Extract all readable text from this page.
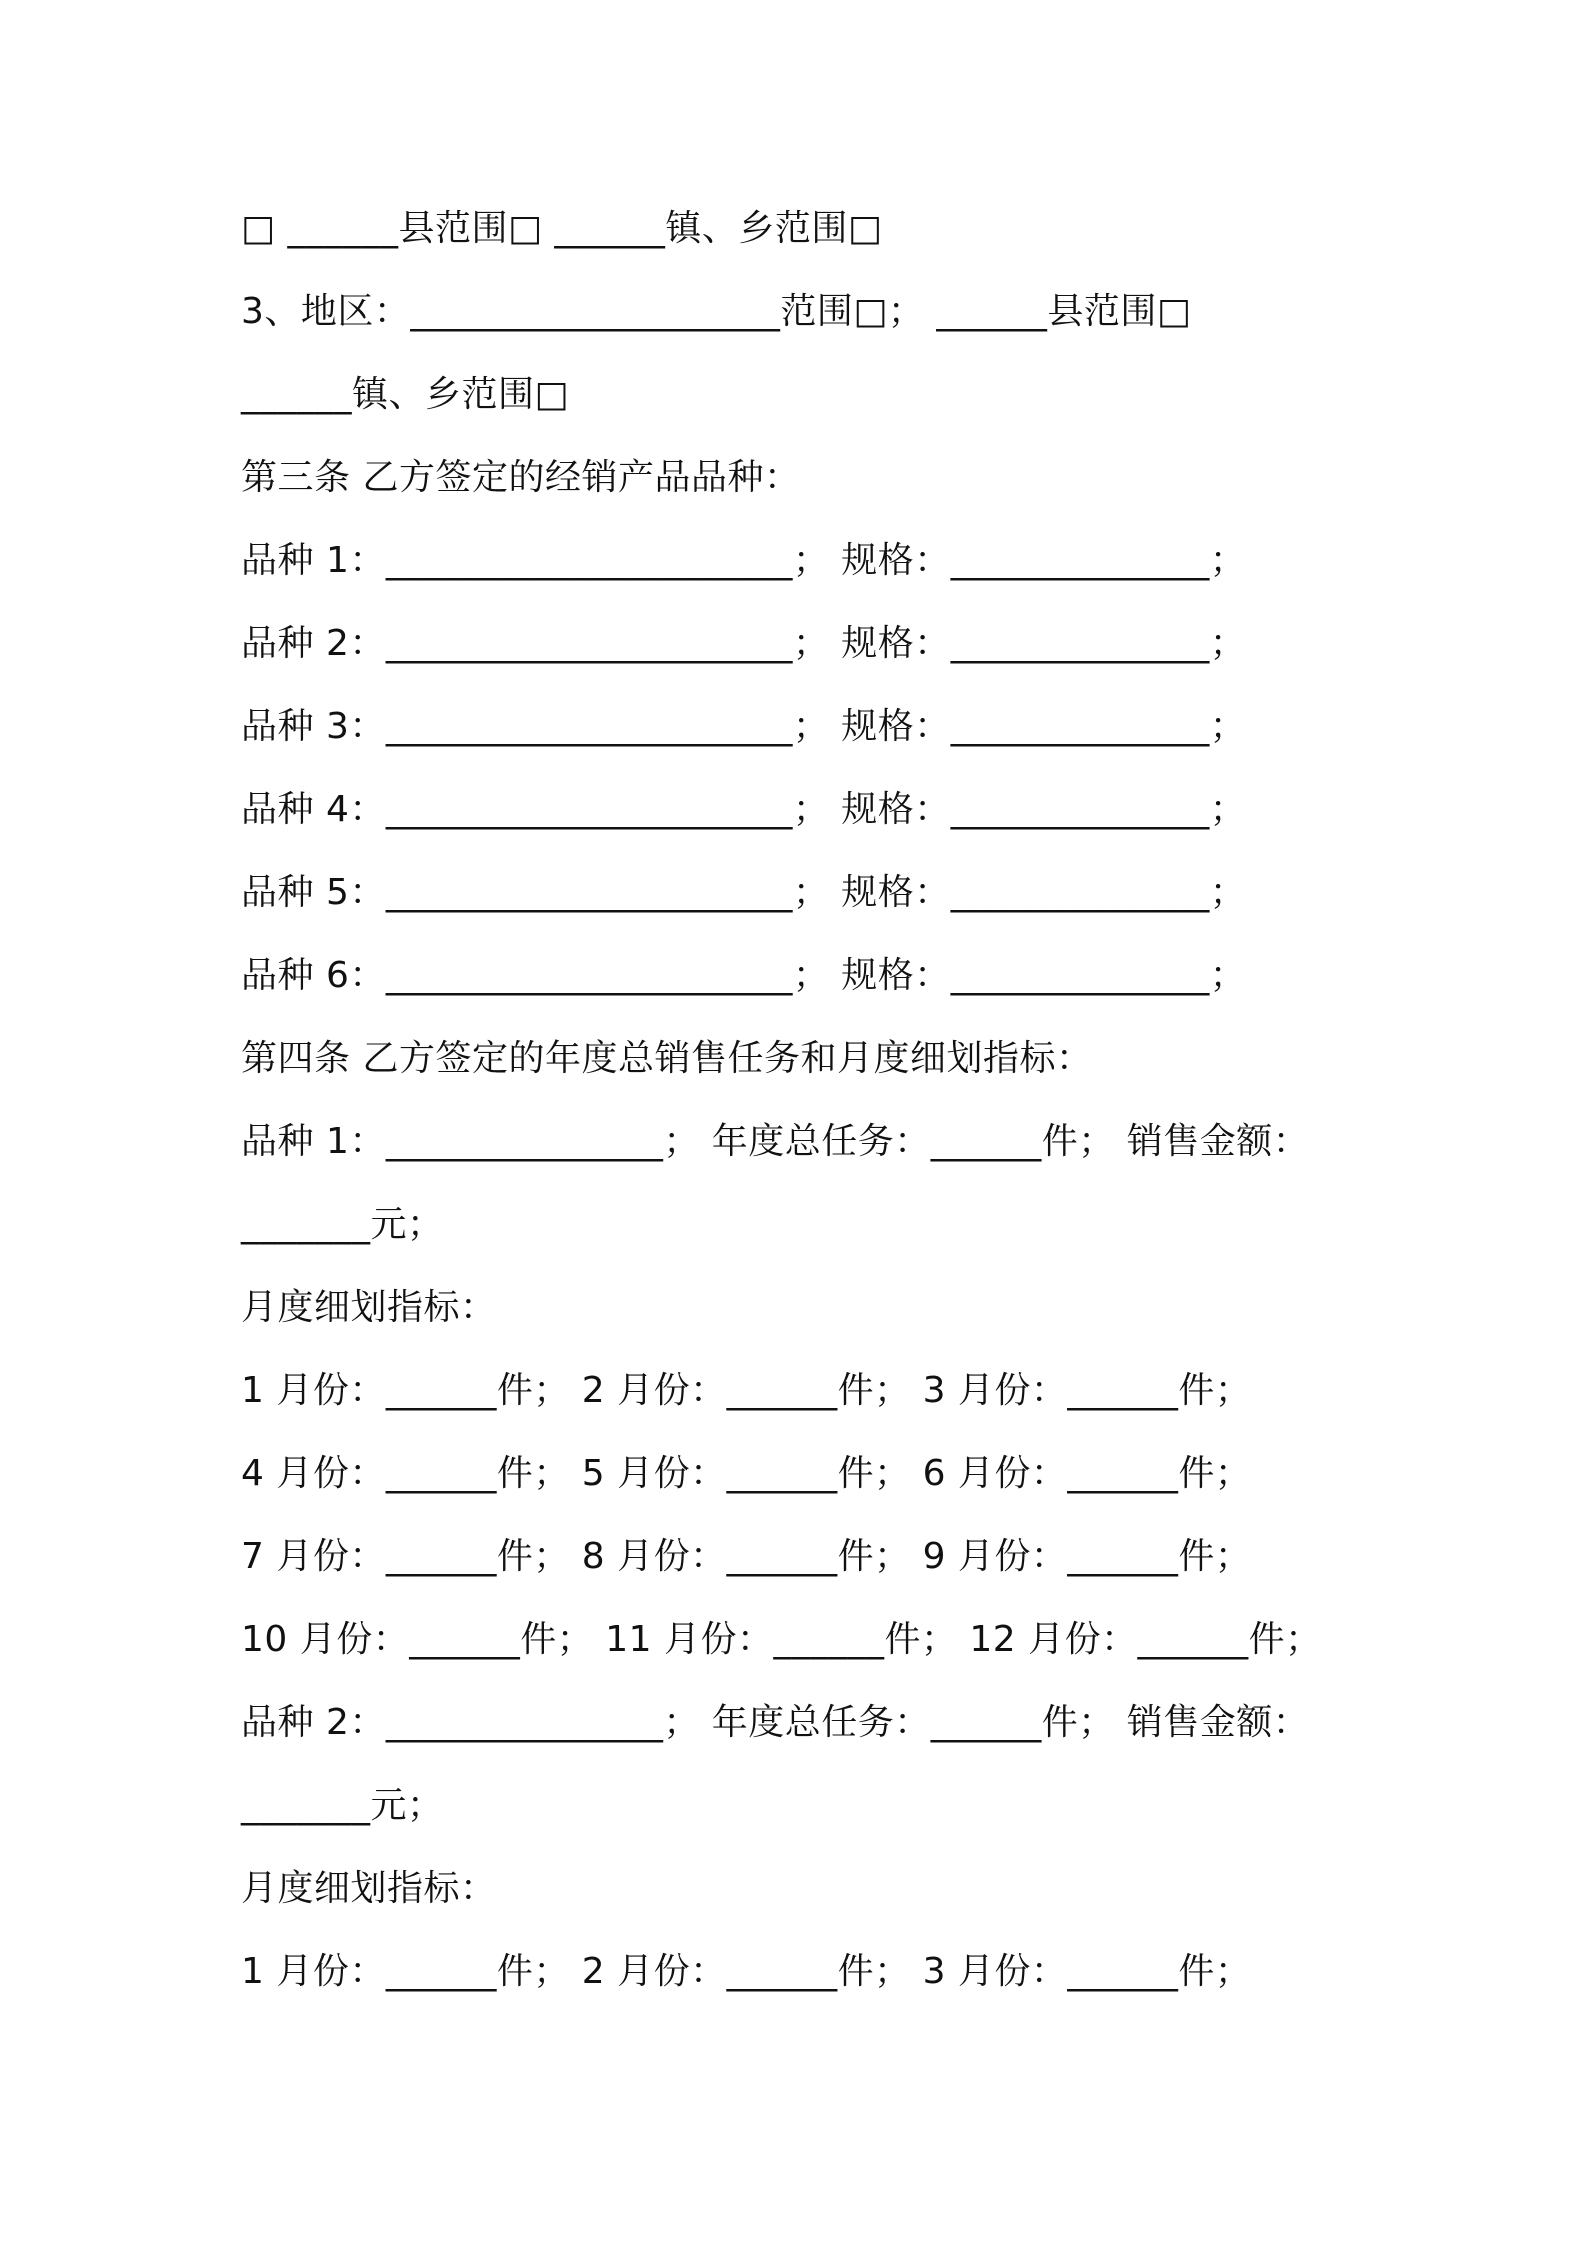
□ ______县范围□ ______镇、乡范围□
3、地区：____________________范围□； ______县范围□
______镇、乡范围□
第三条 乙方签定的经销产品品种：
品种 1：______________________； 规格：______________；
品种 2：______________________； 规格：______________；
品种 3：______________________； 规格：______________；
品种 4：______________________； 规格：______________；
品种 5：______________________； 规格：______________；
品种 6：______________________； 规格：______________；
第四条 乙方签定的年度总销售任务和月度细划指标：
品种 1：_______________； 年度总任务：______件； 销售金额：
_______元；
月度细划指标：
1 月份：______件； 2 月份：______件； 3 月份：______件；
4 月份：______件； 5 月份：______件； 6 月份：______件；
7 月份：______件； 8 月份：______件； 9 月份：______件；
10 月份：______件； 11 月份：______件； 12 月份：______件；
品种 2：_______________； 年度总任务：______件； 销售金额：
_______元；
月度细划指标：
1 月份：______件； 2 月份：______件； 3 月份：______件；
